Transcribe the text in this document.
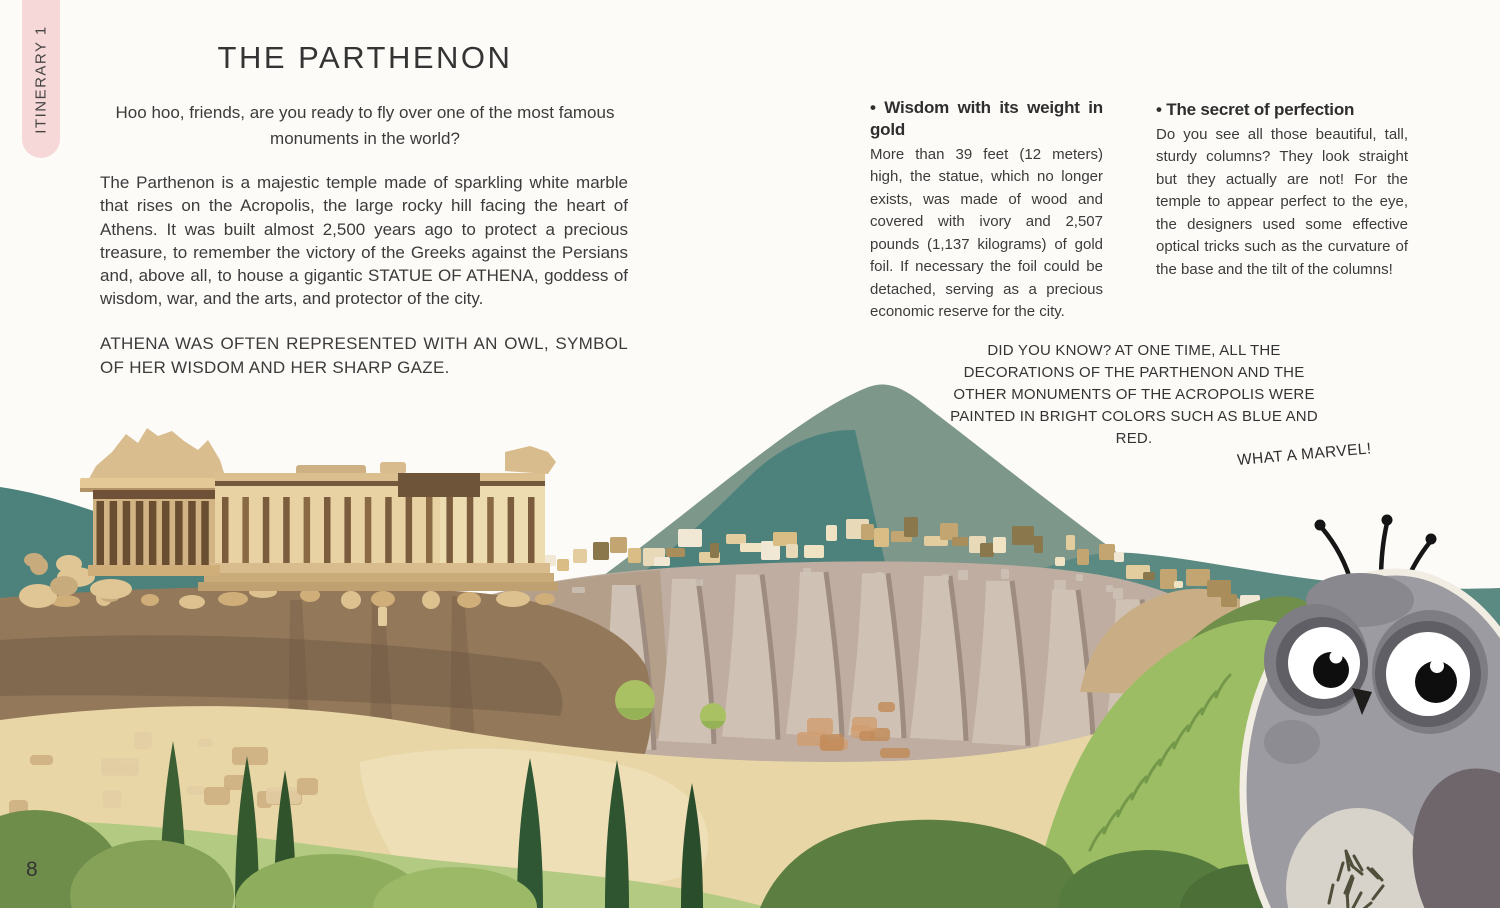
ITINERARY 1	THE PARTHENON
Hoo hoo, friends, are you ready to fly over one of the most famous monuments in the world?
The Parthenon is a majestic temple made of sparkling white marble that rises on the Acropolis, the large rocky hill facing the heart of Athens. It was built almost 2,500 years ago to protect a precious treasure, to remember the victory of the Greeks against the Persians and, above all, to house a gigantic STATUE OF ATHENA, goddess of wisdom, war, and the arts, and protector of the city.
ATHENA WAS OFTEN REPRESENTED WITH AN OWL, SYMBOL OF HER WISDOM AND HER SHARP GAZE.
• Wisdom with its weight in gold
More than 39 feet (12 meters) high, the statue, which no longer exists, was made of wood and covered with ivory and 2,507 pounds (1,137 kilograms) of gold foil. If necessary the foil could be detached, serving as a precious economic reserve for the city.
• The secret of perfection
Do you see all those beautiful, tall, sturdy columns? They look straight but they actually are not! For the temple to appear perfect to the eye, the designers used some effective optical tricks such as the curvature of the base and the tilt of the columns!
DID YOU KNOW? AT ONE TIME, ALL THE DECORATIONS OF THE PARTHENON AND THE OTHER MONUMENTS OF THE ACROPOLIS WERE PAINTED IN BRIGHT COLORS SUCH AS BLUE AND RED.
WHAT A MARVEL!
8
